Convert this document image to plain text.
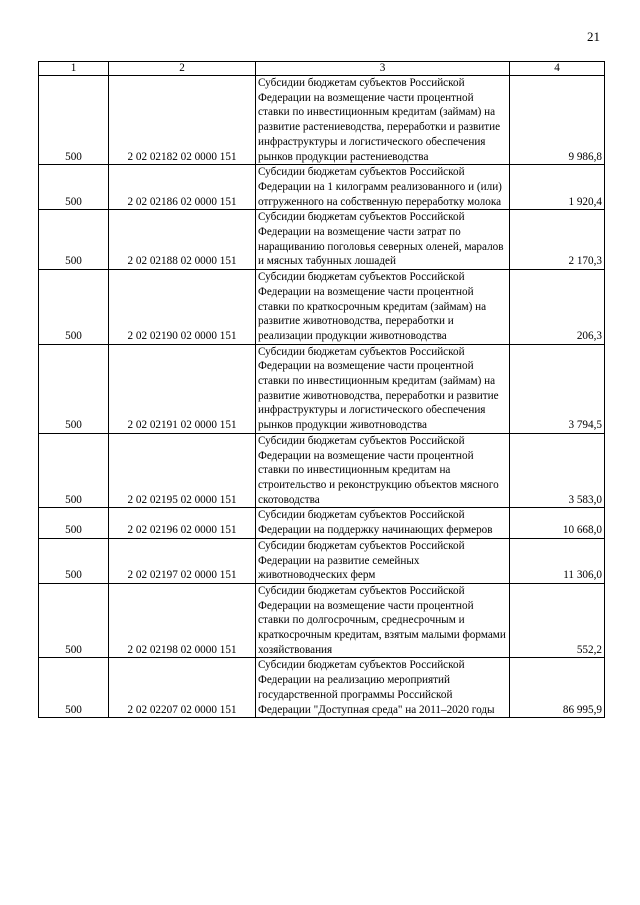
21
1	2	3	4
500	2 02 02182 02 0000 151	Субсидии бюджетам субъектов Российской Федерации на возмещение части процентной ставки по инвестиционным кредитам (займам) на развитие растениеводства, переработки и развитие инфраструктуры и логистического обеспечения рынков продукции растениеводства	9 986,8
500	2 02 02186 02 0000 151	Субсидии бюджетам субъектов Российской Федерации на 1 килограмм реализованного и (или) отгруженного на собственную переработку молока	1 920,4
500	2 02 02188 02 0000 151	Субсидии бюджетам субъектов Российской Федерации на возмещение части затрат по наращиванию поголовья северных оленей, маралов и мясных табунных лошадей	2 170,3
500	2 02 02190 02 0000 151	Субсидии бюджетам субъектов Российской Федерации на возмещение части процентной ставки по краткосрочным кредитам (займам) на развитие животноводства, переработки и реализации продукции животноводства	206,3
500	2 02 02191 02 0000 151	Субсидии бюджетам субъектов Российской Федерации на возмещение части процентной ставки по инвестиционным кредитам (займам) на развитие животноводства, переработки и развитие инфраструктуры и логистического обеспечения рынков продукции животноводства	3 794,5
500	2 02 02195 02 0000 151	Субсидии бюджетам субъектов Российской Федерации на возмещение части процентной ставки по инвестиционным кредитам на строительство и реконструкцию объектов мясного скотоводства	3 583,0
500	2 02 02196 02 0000 151	Субсидии бюджетам субъектов Российской Федерации на поддержку начинающих фермеров	10 668,0
500	2 02 02197 02 0000 151	Субсидии бюджетам субъектов Российской Федерации на развитие семейных животноводческих ферм	11 306,0
500	2 02 02198 02 0000 151	Субсидии бюджетам субъектов Российской Федерации на возмещение части процентной ставки по долгосрочным, среднесрочным и краткосрочным кредитам, взятым малыми формами хозяйствования	552,2
500	2 02 02207 02 0000 151	Субсидии бюджетам субъектов Российской Федерации на реализацию мероприятий государственной программы Российской Федерации "Доступная среда" на 2011–2020 годы	86 995,9
